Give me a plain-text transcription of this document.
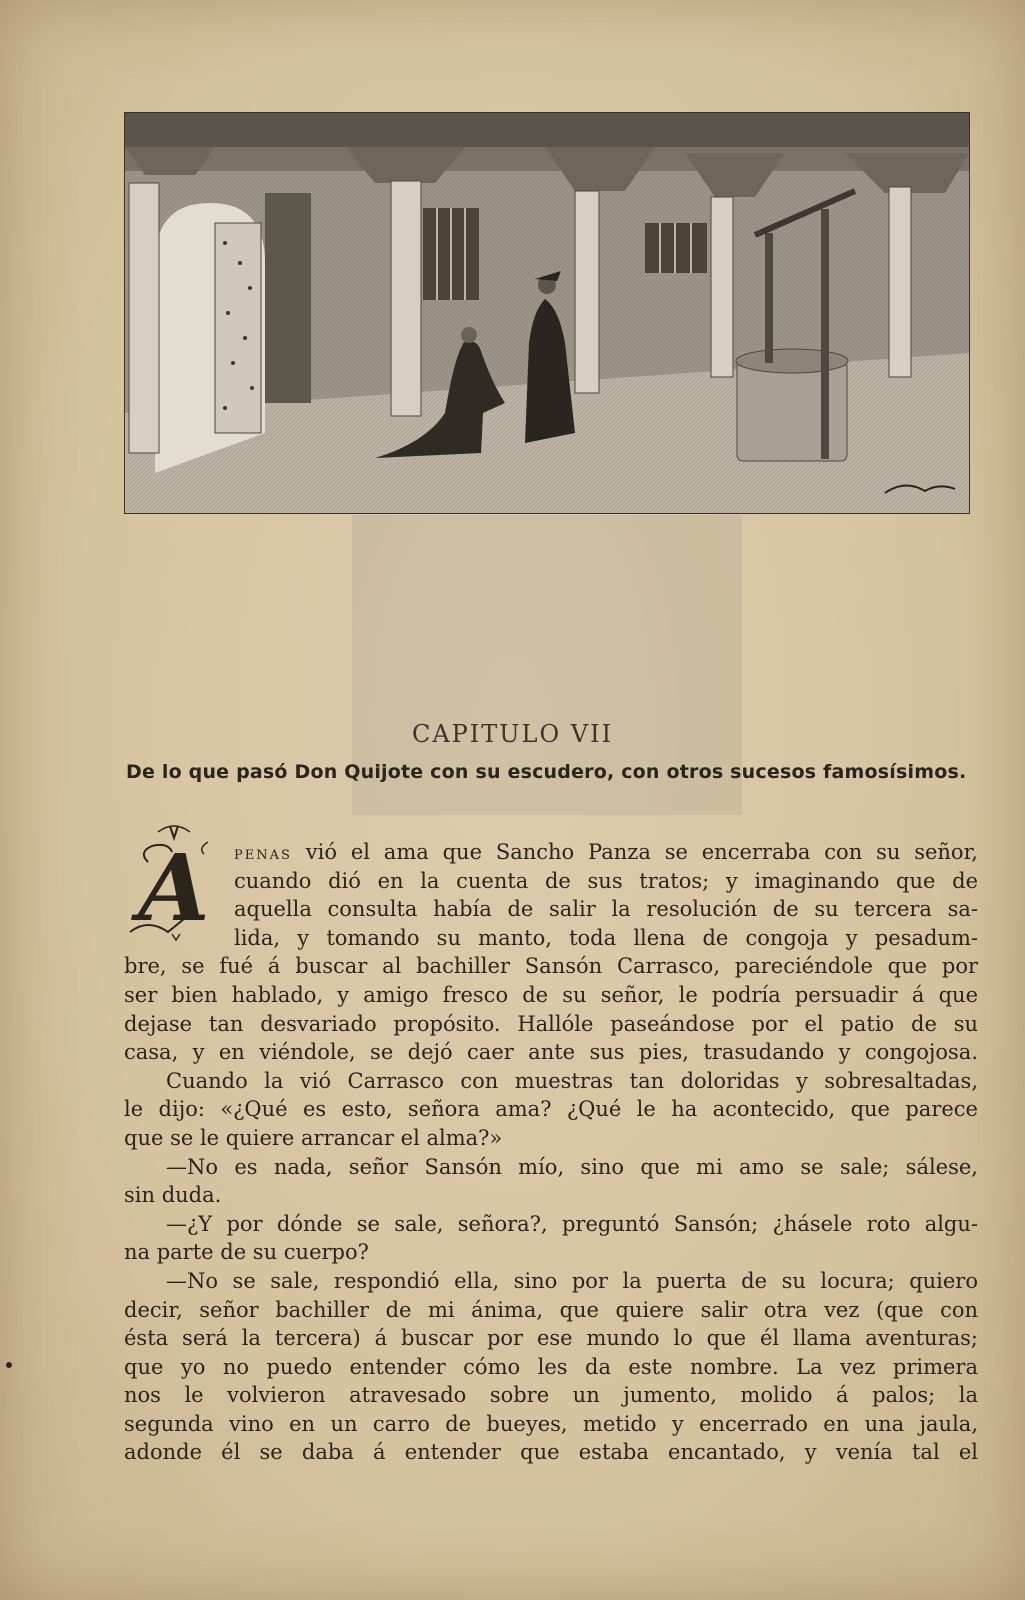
CAPITULO VII
De lo que pasó Don Quijote con su escudero, con otros sucesos famosísimos.
A	penas vió el ama que Sancho Panza se encerraba con su señor,
cuando dió en la cuenta de sus tratos; y imaginando que de
aquella consulta había de salir la resolución de su tercera sa-
lida, y tomando su manto, toda llena de congoja y pesadum-
bre, se fué á buscar al bachiller Sansón Carrasco, pareciéndole que por
ser bien hablado, y amigo fresco de su señor, le podría persuadir á que
dejase tan desvariado propósito. Hallóle paseándose por el patio de su
casa, y en viéndole, se dejó caer ante sus pies, trasudando y congojosa.
Cuando la vió Carrasco con muestras tan doloridas y sobresaltadas,
le dijo: «¿Qué es esto, señora ama? ¿Qué le ha acontecido, que parece
que se le quiere arrancar el alma?»
—No es nada, señor Sansón mío, sino que mi amo se sale; sálese,
sin duda.
—¿Y por dónde se sale, señora?, preguntó Sansón; ¿hásele roto algu-
na parte de su cuerpo?
—No se sale, respondió ella, sino por la puerta de su locura; quiero
decir, señor bachiller de mi ánima, que quiere salir otra vez (que con
ésta será la tercera) á buscar por ese mundo lo que él llama aventuras;
que yo no puedo entender cómo les da este nombre. La vez primera
nos le volvieron atravesado sobre un jumento, molido á palos; la
segunda vino en un carro de bueyes, metido y encerrado en una jaula,
adonde él se daba á entender que estaba encantado, y venía tal el
